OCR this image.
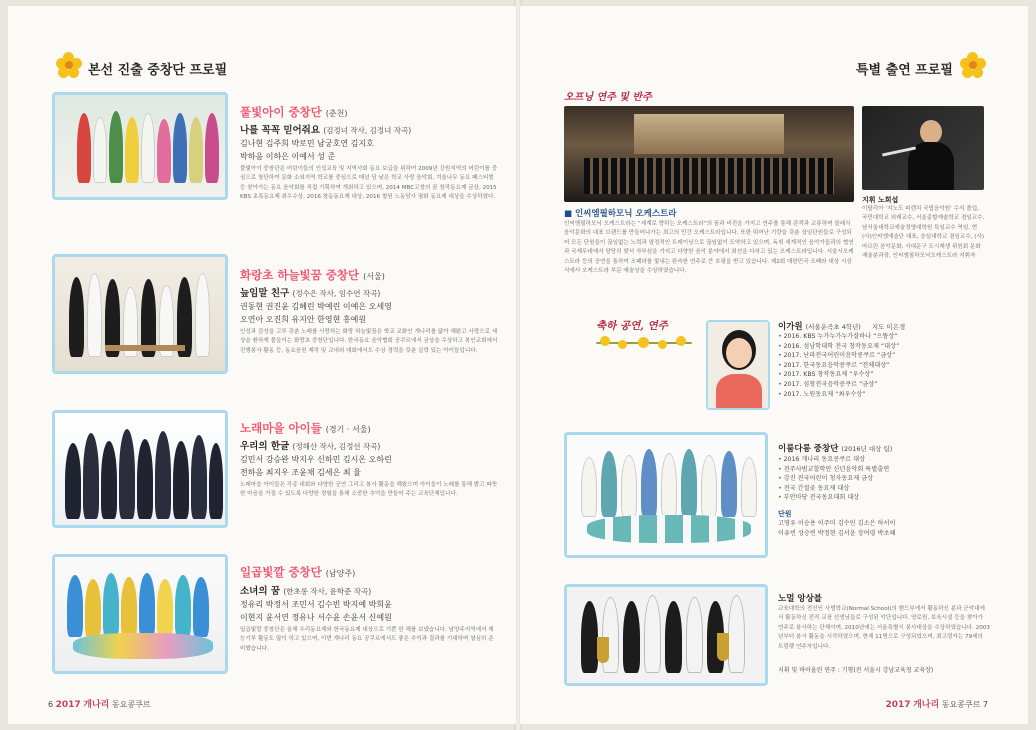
본선 진출 중창단 프로필
풀빛아이 중창단 (춘천)
나를 꼭꼭 믿어줘요 (김정녀 작사, 김정녀 작곡)
김나현 김주희 박로민 남궁호연 김지호
박하음 이하은 이예서 성 준
풀빛아이 중창단은 어린이들의 인성교육 및 지역사회 동요 보급을 위하여 2009년 강원지역의 어린이를 중심으로 창단하여 문화 소외지역 학교를 중심으로 매년 담 낮은 학교 사랑 음악회, 겨울나무 동요 페스티벌 등 찾아가는 동요 음악회를 직접 기획하여 개최하고 있으며, 2014 MBC고창의 꿈 창작동요제 금상, 2015 KBS 초록동요제 최우수상, 2016 창동동요제 대상, 2016 철원 노동당사 평화 동요제 대상을 수상하였다.
화랑초 하늘빛꿈 중창단 (서울)
늪임말 친구 (정수은 작사, 임수연 작곡)
권동현 권진윤 김혜린 박예린 이예은 오세영
오연아 오진희 유지안 한영현 홍예원
인성과 감성을 고루 갖춘 노래를 사랑하는 화랑 하늘빛꿈은 학교 교화인 개나리를 닮아 해맑고 사랑으로 세상을 환하게 물들이는 화랑초 중창단입니다. 한국동요 음악협회 공쿠르에서 금상을 수상하고 봉인교회에서 진행봉사 활동 등, 동요음원 제작 및 교내외 대회에서도 수상 경력을 갖춘 실력 있는 아이들입니다.
노래마을 아이들 (경기 · 서울)
우리의 한글 (정해산 작사, 김정선 작곡)
김민서 강승완 박지우 신하민 김시온 오하린
전하음 최지우 조윤채 김세은 최 율
노래마을 아이들은 각종 대회와 다양한 공연 그리고 봉사 활동을 해왔으며 아이들이 노래를 통해 밝고 따뜻한 마음을 가질 수 있도록 다양한 경험을 통해 소중한 추억을 만들어 주는 교육단체입니다.
일곱빛깔 중창단 (남양주)
소녀의 꿈 (한초롱 작사, 윤학준 작곡)
정유리 박정서 조민서 김수빈 박지예 박희윤
이현지 윤서연 정유나 서수윤 손윤서 신예원
일곱빛깔 중창단은 올해 우리동요제와 한국동요제 대상으로 기쁜 한 해를 보냈습니다. 남양주지역에서 재능기부 활동도 많이 하고 있으며, 이번 개나리 동요 공쿠르에서도 좋은 추억과 결과를 기대하며 열심히 준비했습니다.
6 2017 개나리 동요콩쿠르
특별 출연 프로필
오프닝 연주 및 반주
지휘 노희섭
이탈리아 ‘지노도 피렌치 국립음악원’ 수석 졸업, 국민대학교 외래교수, 서울종합예술학교 겸임교수, 남서울대학교예술경영대학원 특임교수 역임, 현 (사)인씨엠예술단 대표, 숭실대학교 겸임교수, (사)마르린 음악문화, 서대문구 도시재생 위원회 문화예술분과장, 인씨엠필하모닉오케스트라 지휘자
■ 인씨엠필하모닉 오케스트라
인씨엠필하모닉 오케스트라는 “세계로 향하는 오케스트라”의 꿈과 비전을 가지고 연주를 통해 관객과 교류하며 클래식 음악문화의 대표 브랜드를 만들어나가는 최고의 민간 오케스트라입니다. 또한 뛰어난 기량을 갖춘 상임단원들로 구성되어 모든 단원들이 끊임없는 노력과 열정적인 트레이닝으로 끊임없이 도약하고 있으며, 독취 세계적인 음악가들과의 협연과 국제무대에서 당당히 맞서 자부심을 가지고 다양한 음악 분야에서 최선을 다하고 있는 오케스트라입니다. 서울시오케스트라 등의 공연을 통하여 오페라를 빛내는 완숙한 연주로 큰 호평을 받고 있습니다. 제2회 대한민국 오페라 대상 시상식에서 오케스트라 부문 예술상을 수상하였습니다.
축하 공연, 연주	이가원 (서울운곡초 4학년) 지도 이은경
• 2016. KBS 누가누가누가잘하나 “으뜸상”
• 2016. 섬남학대학 전국 창작동요제 “대상”
• 2017. 난파전국어린이음악콩쿠르 “금상”
• 2017. 한국동요음악콩쿠르 “전체대상”
• 2017. KBS 창작동요제 “우수상”
• 2017. 섬창전국음악콩쿠르 “금상”
• 2017. 노원동요제 “최우수상”
이룸다롱 중창단 (2016년 대상 팀)
• 2016 개나리 동요콩쿠르 대상
• 전주사범교할학안 신년음악회 특별출연
• 강진 전국어린이 청자동요제 금상
• 전국 간절곶 동요제 대상
• 부안마당 전국동요대회 대상
단원
고영우 이승용 이주미 김수민 김소은 하서이
이유빈 성승빈 박정현 김서윤 장여령 박초혜
노멀 앙상블
교육대학의 전신인 사범학교(Normal School)의 밴드부에서 활동하신 분과 군악대에서 활동하신 전직 교장 선생님들로 구성된 악단입니다. 양로원, 보육시설 등을 찾아가 연주로 봉사하는 단체이며, 2010년에는 서울특별시 봉사대상을 수상하였습니다. 2003년부터 봉사 활동을 시작하였으며, 현재 11명으로 구성되었으며, 최고령자는 79세의 트럼펫 연주자입니다.
지휘 및 바이올린 연주 : 기형(전 서울시 강남교육청 교육장)
2017 개나리 동요콩쿠르 7
